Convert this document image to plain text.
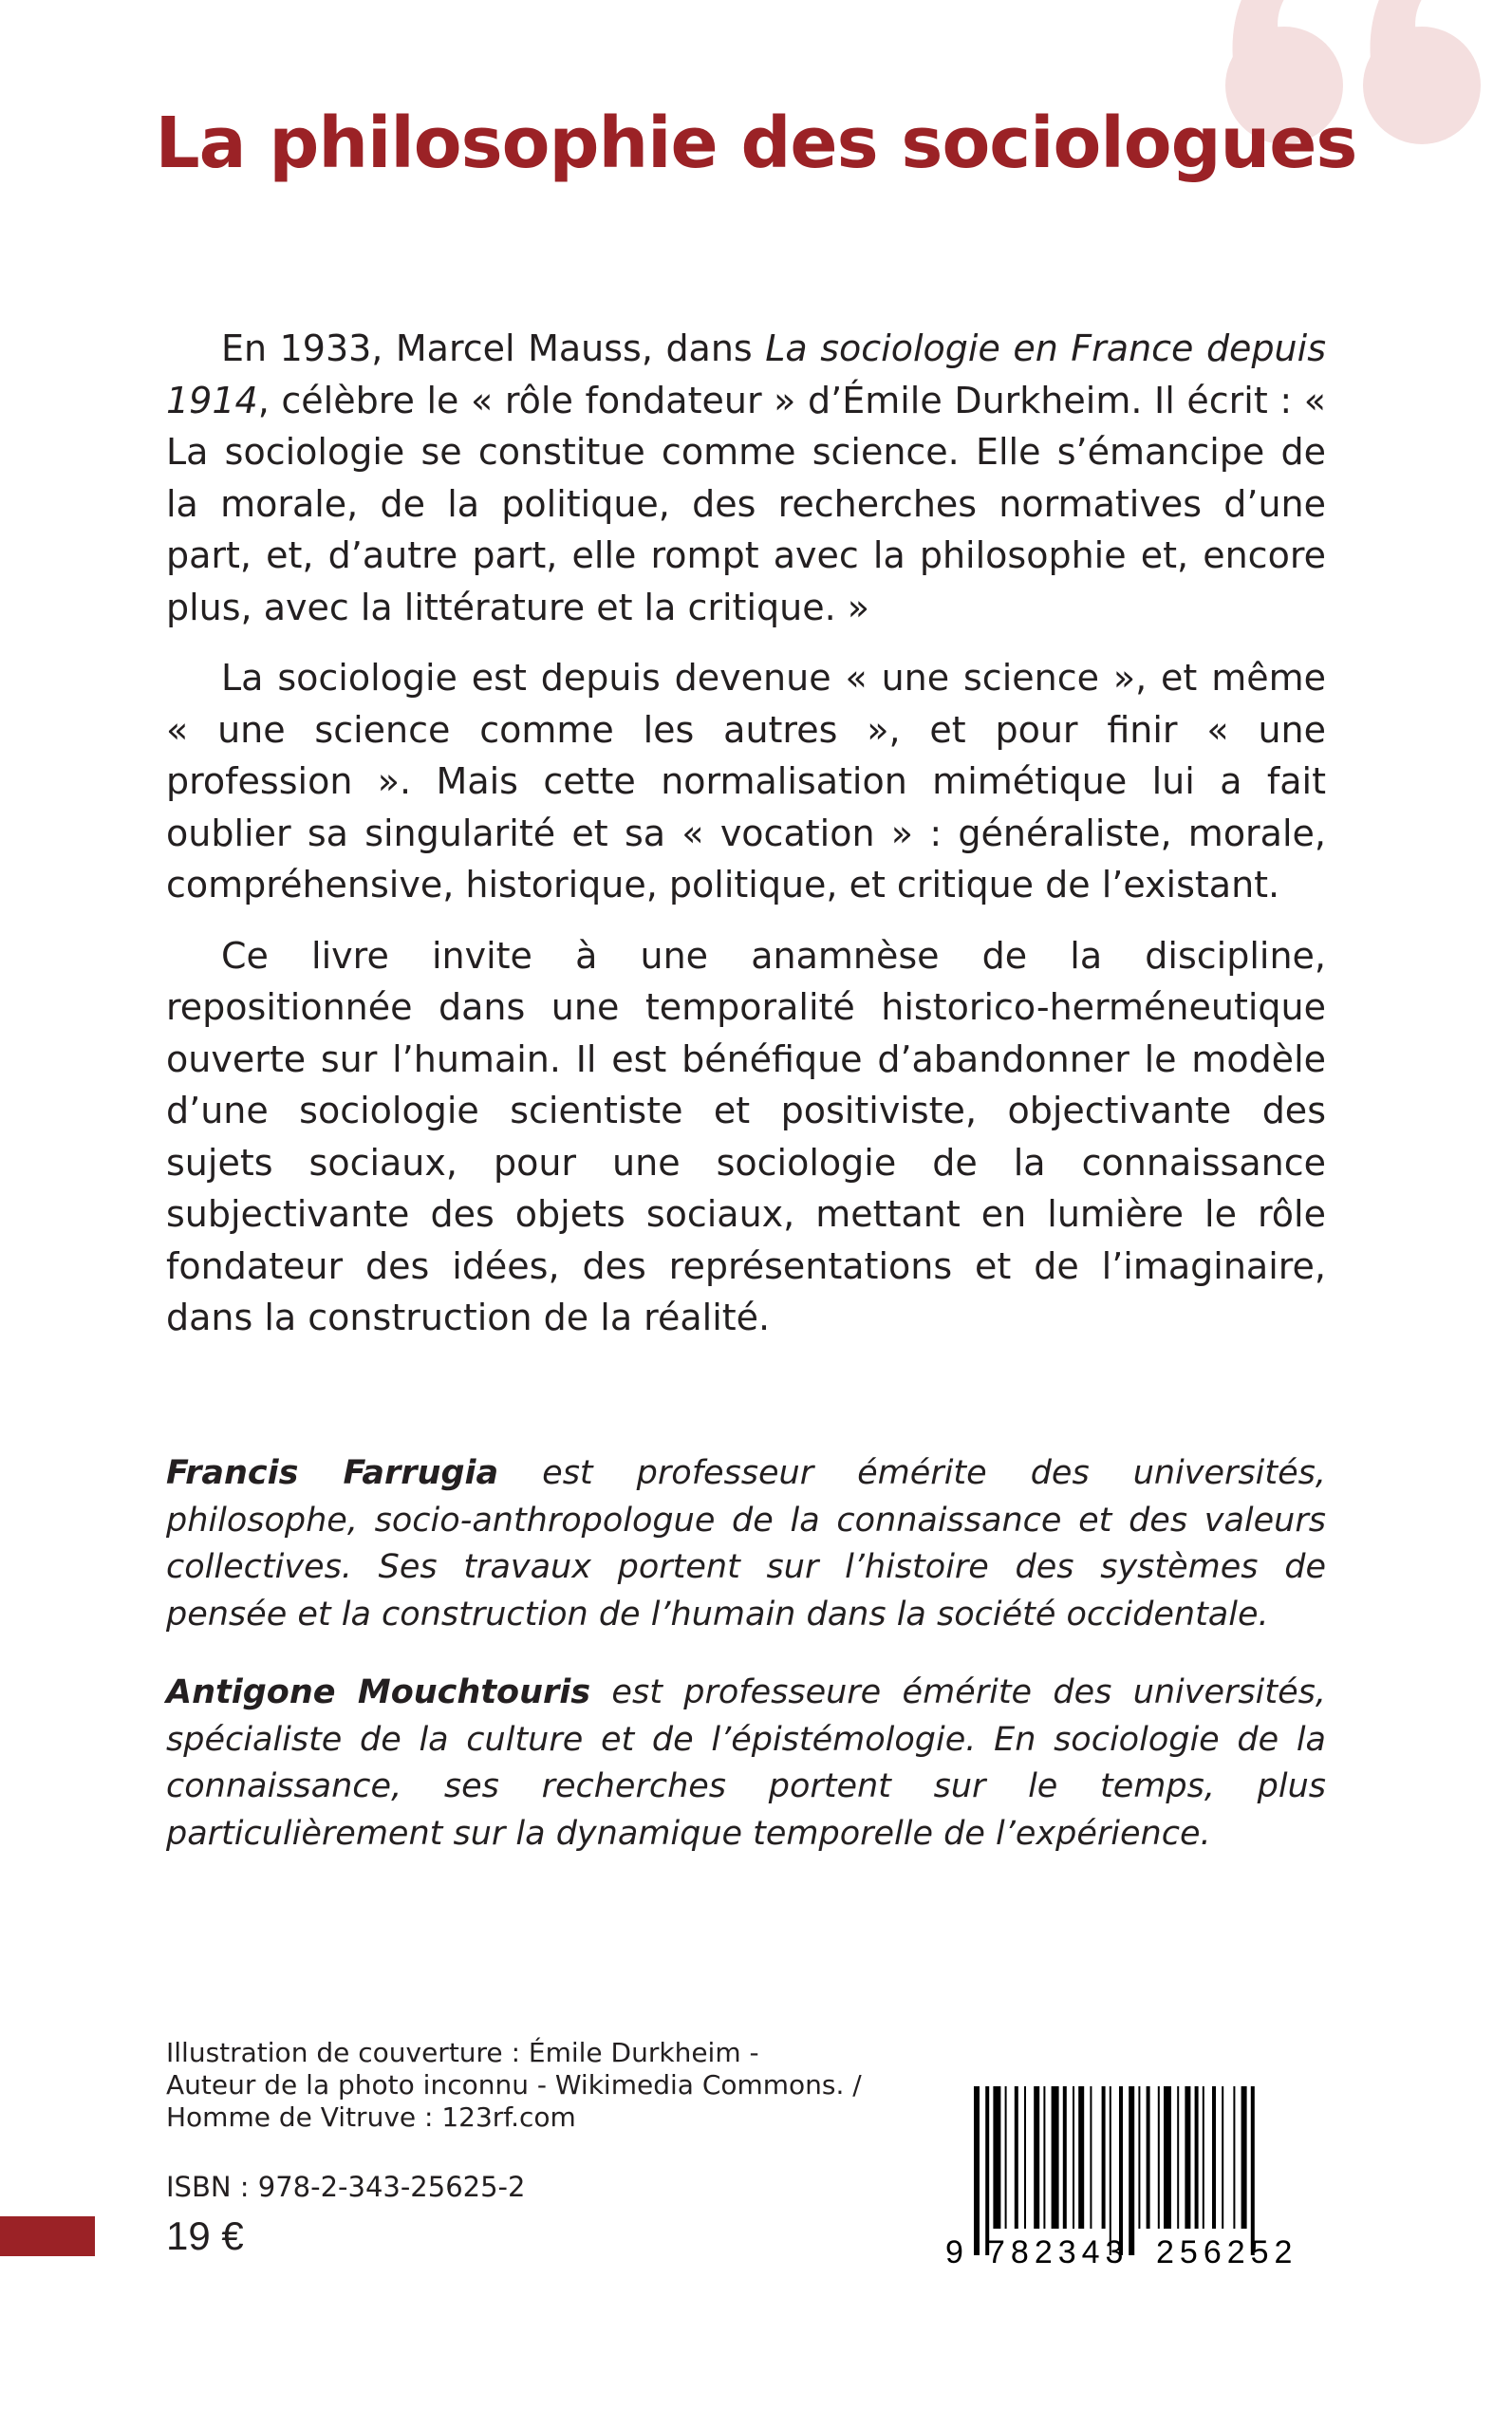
La philosophie des sociologues

En 1933, Marcel Mauss, dans La sociologie en France depuis 1914, célèbre le « rôle fondateur » d’Émile Durkheim. Il écrit : « La sociologie se constitue comme science. Elle s’émancipe de la morale, de la politique, des recherches normatives d’une part, et, d’autre part, elle rompt avec la philosophie et, encore plus, avec la littérature et la critique. »

La sociologie est depuis devenue « une science », et même « une science comme les autres », et pour finir « une profession ». Mais cette normalisation mimétique lui a fait oublier sa singularité et sa « vocation » : généraliste, morale, compréhensive, historique, politique, et critique de l’existant.

Ce livre invite à une anamnèse de la discipline, repositionnée dans une temporalité historico-herméneutique ouverte sur l’humain. Il est bénéfique d’abandonner le modèle d’une sociologie scientiste et positiviste, objectivante des sujets sociaux, pour une sociologie de la connaissance subjectivante des objets sociaux, mettant en lumière le rôle fondateur des idées, des représentations et de l’imaginaire, dans la construction de la réalité.

Francis Farrugia est professeur émérite des universités, philosophe, socio-anthropologue de la connaissance et des valeurs collectives. Ses travaux portent sur l’histoire des systèmes de pensée et la construction de l’humain dans la société occidentale.

Antigone Mouchtouris est professeure émérite des universités, spécialiste de la culture et de l’épistémologie. En sociologie de la connaissance, ses recherches portent sur le temps, plus particulièrement sur la dynamique temporelle de l’expérience.

Illustration de couverture : Émile Durkheim -
Auteur de la photo inconnu - Wikimedia Commons. /
Homme de Vitruve : 123rf.com
ISBN : 978-2-343-25625-2
19 €	9 782343 256252
